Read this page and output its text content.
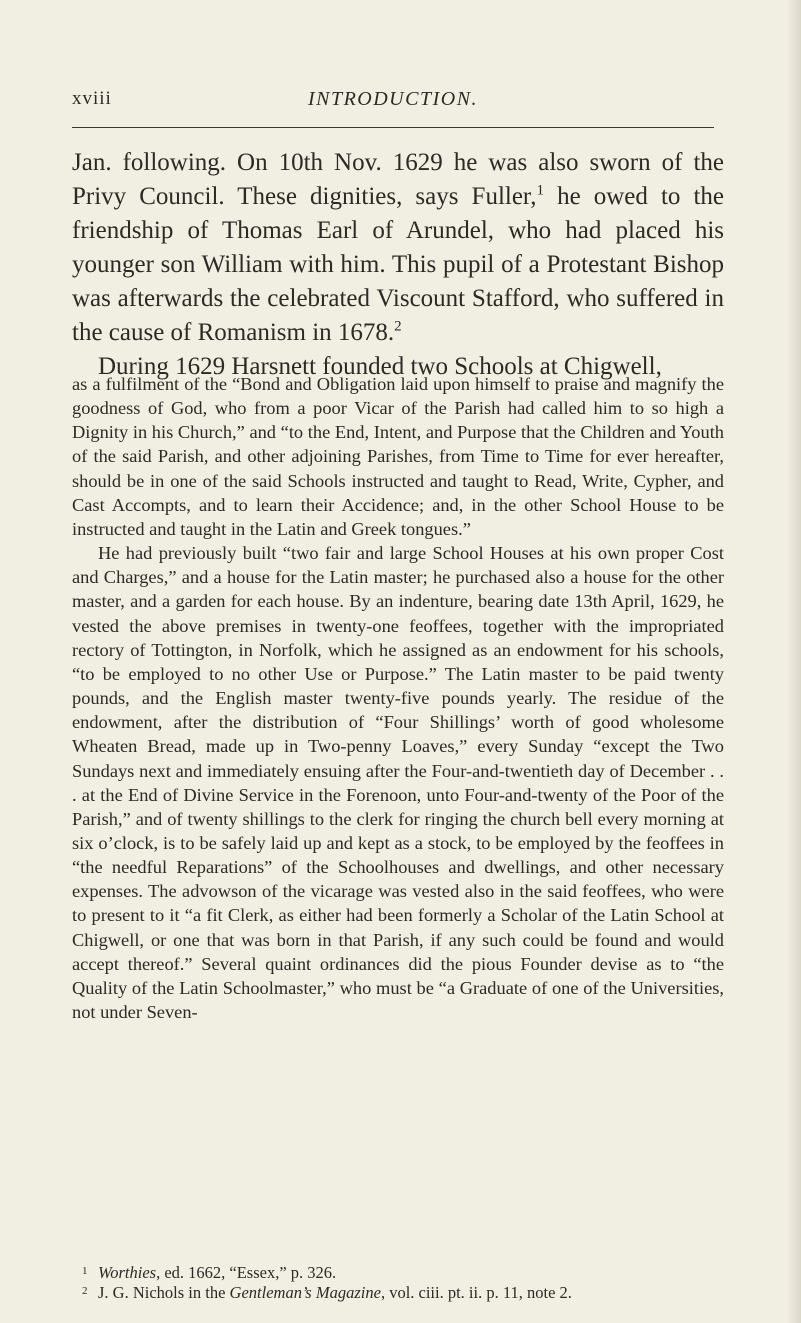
xviii	INTRODUCTION.

Jan. following. On 10th Nov. 1629 he was also sworn of the Privy Council. These dignities, says Fuller,$^1$ he owed to the friendship of Thomas Earl of Arundel, who had placed his younger son William with him. This pupil of a Protestant Bishop was afterwards the celebrated Viscount Stafford, who suffered in the cause of Romanism in 1678.$^2$

During 1629 Harsnett founded two Schools at Chigwell,

as a fulfilment of the “Bond and Obligation laid upon himself to praise and magnify the goodness of God, who from a poor Vicar of the Parish had called him to so high a Dignity in his Church,” and “to the End, Intent, and Purpose that the Children and Youth of the said Parish, and other adjoining Parishes, from Time to Time for ever hereafter, should be in one of the said Schools instructed and taught to Read, Write, Cypher, and Cast Accompts, and to learn their Accidence; and, in the other School House to be instructed and taught in the Latin and Greek tongues.”

He had previously built “two fair and large School Houses at his own proper Cost and Charges,” and a house for the Latin master; he purchased also a house for the other master, and a garden for each house. By an indenture, bearing date 13th April, 1629, he vested the above premises in twenty-one feoffees, together with the impropriated rectory of Tottington, in Norfolk, which he assigned as an endowment for his schools, “to be employed to no other Use or Purpose.” The Latin master to be paid twenty pounds, and the English master twenty-five pounds yearly. The residue of the endowment, after the distribution of “Four Shillings’ worth of good wholesome Wheaten Bread, made up in Two-penny Loaves,” every Sunday “except the Two Sundays next and immediately ensuing after the Four-and-twentieth day of December . . . at the End of Divine Service in the Forenoon, unto Four-and-twenty of the Poor of the Parish,” and of twenty shillings to the clerk for ringing the church bell every morning at six o’clock, is to be safely laid up and kept as a stock, to be employed by the feoffees in “the needful Reparations” of the Schoolhouses and dwellings, and other necessary expenses. The advowson of the vicarage was vested also in the said feoffees, who were to present to it “a fit Clerk, as either had been formerly a Scholar of the Latin School at Chigwell, or one that was born in that Parish, if any such could be found and would accept thereof.” Several quaint ordinances did the pious Founder devise as to “the Quality of the Latin Schoolmaster,” who must be “a Graduate of one of the Universities, not under Seven-

1 Worthies, ed. 1662, “Essex,” p. 326.
2 J. G. Nichols in the Gentleman’s Magazine, vol. ciii. pt. ii. p. 11, note 2.
